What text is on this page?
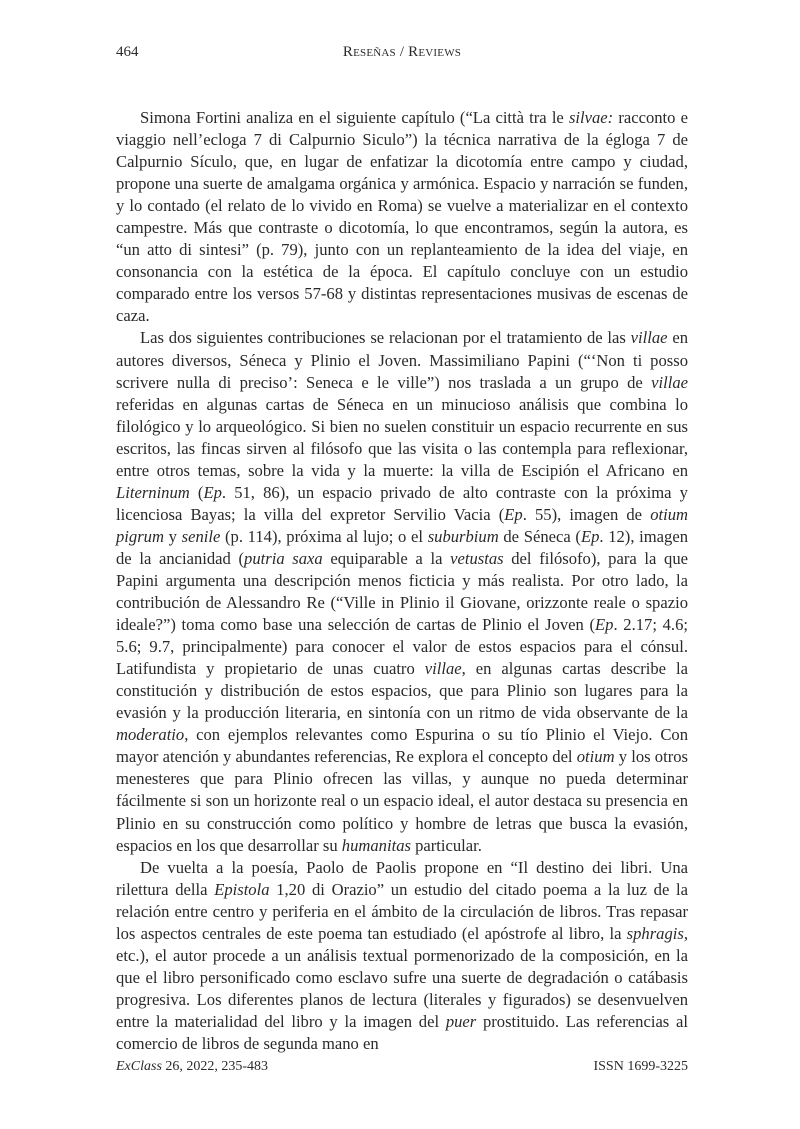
464	Reseñas / Reviews

Simona Fortini analiza en el siguiente capítulo (“La città tra le silvae: racconto e viaggio nell’ecloga 7 di Calpurnio Siculo”) la técnica narrativa de la égloga 7 de Calpurnio Sículo, que, en lugar de enfatizar la dicotomía entre campo y ciudad, propone una suerte de amalgama orgánica y armónica. Espacio y narración se funden, y lo contado (el relato de lo vivido en Roma) se vuelve a materializar en el contexto campestre. Más que contraste o dicotomía, lo que encontramos, según la autora, es “un atto di sintesi” (p. 79), junto con un replanteamiento de la idea del viaje, en consonancia con la estética de la época. El capítulo concluye con un estudio comparado entre los versos 57-68 y distintas representaciones musivas de escenas de caza.

Las dos siguientes contribuciones se relacionan por el tratamiento de las villae en autores diversos, Séneca y Plinio el Joven. Massimiliano Papini (“‘Non ti posso scrivere nulla di preciso’: Seneca e le ville”) nos traslada a un grupo de villae referidas en algunas cartas de Séneca en un minucioso análisis que combina lo filológico y lo arqueológico. Si bien no suelen constituir un espacio recurrente en sus escritos, las fincas sirven al filósofo que las visita o las contempla para reflexionar, entre otros temas, sobre la vida y la muerte: la villa de Escipión el Africano en Literninum (Ep. 51, 86), un espacio privado de alto contraste con la próxima y licenciosa Bayas; la villa del expretor Servilio Vacia (Ep. 55), imagen de otium pigrum y senile (p. 114), próxima al lujo; o el suburbium de Séneca (Ep. 12), imagen de la ancianidad (putria saxa equiparable a la vetustas del filósofo), para la que Papini argumenta una descripción menos ficticia y más realista. Por otro lado, la contribución de Alessandro Re (“Ville in Plinio il Giovane, orizzonte reale o spazio ideale?”) toma como base una selección de cartas de Plinio el Joven (Ep. 2.17; 4.6; 5.6; 9.7, principalmente) para conocer el valor de estos espacios para el cónsul. Latifundista y propietario de unas cuatro villae, en algunas cartas describe la constitución y distribución de estos espacios, que para Plinio son lugares para la evasión y la producción literaria, en sintonía con un ritmo de vida observante de la moderatio, con ejemplos relevantes como Espurina o su tío Plinio el Viejo. Con mayor atención y abundantes referencias, Re explora el concepto del otium y los otros menesteres que para Plinio ofrecen las villas, y aunque no pueda determinar fácilmente si son un horizonte real o un espacio ideal, el autor destaca su presencia en Plinio en su construcción como político y hombre de letras que busca la evasión, espacios en los que desarrollar su humanitas particular.

De vuelta a la poesía, Paolo de Paolis propone en “Il destino dei libri. Una rilettura della Epistola 1,20 di Orazio” un estudio del citado poema a la luz de la relación entre centro y periferia en el ámbito de la circulación de libros. Tras repasar los aspectos centrales de este poema tan estudiado (el apóstrofe al libro, la sphragis, etc.), el autor procede a un análisis textual pormenorizado de la composición, en la que el libro personificado como esclavo sufre una suerte de degradación o catábasis progresiva. Los diferentes planos de lectura (literales y figurados) se desenvuelven entre la materialidad del libro y la imagen del puer prostituido. Las referencias al comercio de libros de segunda mano en

ExClass 26, 2022, 235-483	ISSN 1699-3225
